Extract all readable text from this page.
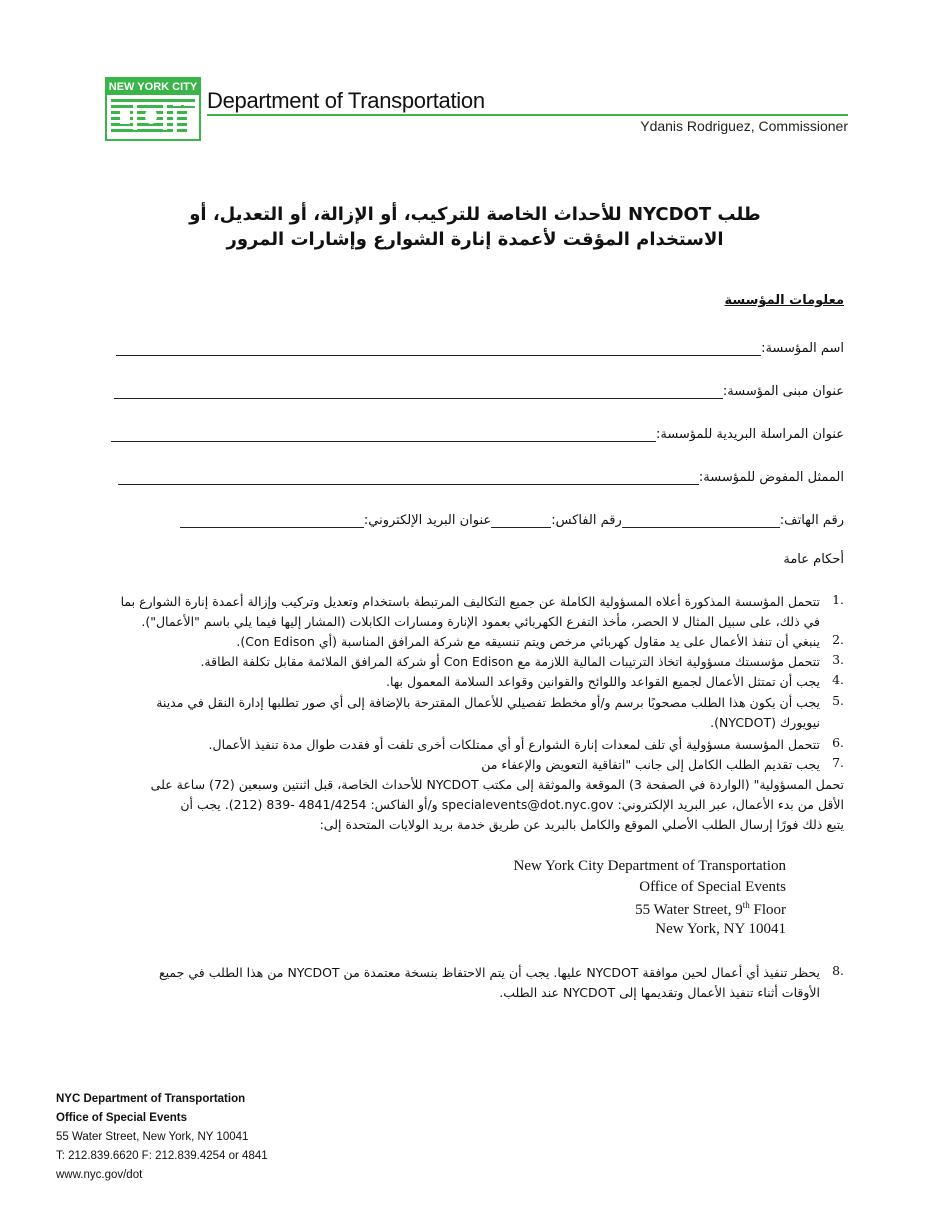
NEW YORK CITY
Department of Transportation
Ydanis Rodriguez, Commissioner
طلب NYCDOT للأحداث الخاصة للتركيب، أو الإزالة، أو التعديل، أو
الاستخدام المؤقت لأعمدة إنارة الشوارع وإشارات المرور
معلومات المؤسسة
اسم المؤسسة:
عنوان مبنى المؤسسة:
عنوان المراسلة البريدية للمؤسسة:
الممثل المفوض للمؤسسة:
رقم الهاتف:
رقم الفاكس:
عنوان البريد الإلكتروني:
أحكام عامة
1.
تتحمل المؤسسة المذكورة أعلاه المسؤولية الكاملة عن جميع التكاليف المرتبطة باستخدام وتعديل وتركيب وإزالة أعمدة إنارة الشوارع بما
في ذلك، على سبيل المثال لا الحصر، مأخذ التفرع الكهربائي بعمود الإنارة ومسارات الكابلات (المشار إليها فيما يلي باسم "الأعمال").
2.
ينبغي أن تنفذ الأعمال على يد مقاول كهربائي مرخص ويتم تنسيقه مع شركة المرافق المناسبة (أي Con Edison).
3.
تتحمل مؤسستك مسؤولية اتخاذ الترتيبات المالية اللازمة مع Con Edison أو شركة المرافق الملائمة مقابل تكلفة الطاقة.
4.
يجب أن تمتثل الأعمال لجميع القواعد واللوائح والقوانين وقواعد السلامة المعمول بها.
5.
يجب أن يكون هذا الطلب مصحوبًا برسم و/أو مخطط تفصيلي للأعمال المقترحة بالإضافة إلى أي صور تطلبها إدارة النقل في مدينة
نيويورك (NYCDOT).
6.
تتحمل المؤسسة مسؤولية أي تلف لمعدات إنارة الشوارع أو أي ممتلكات أخرى تلفت أو فقدت طوال مدة تنفيذ الأعمال.
7.
يجب تقديم الطلب الكامل إلى جانب "اتفاقية التعويض والإعفاء من
تحمل المسؤولية" (الواردة في الصفحة 3) الموقعة والموثقة إلى مكتب NYCDOT للأحداث الخاصة، قبل اثنتين وسبعين (72) ساعة على
الأقل من بدء الأعمال، عبر البريد الإلكتروني: specialevents@dot.nyc.gov و/أو الفاكس: 4841/4254 -839 (212). يجب أن
يتبع ذلك فورًا إرسال الطلب الأصلي الموقع والكامل بالبريد عن طريق خدمة بريد الولايات المتحدة إلى:
New York City Department of Transportation
Office of Special Events
55 Water Street, 9th Floor
New York, NY 10041
8.
يحظر تنفيذ أي أعمال لحين موافقة NYCDOT عليها. يجب أن يتم الاحتفاظ بنسخة معتمدة من NYCDOT من هذا الطلب في جميع
الأوقات أثناء تنفيذ الأعمال وتقديمها إلى NYCDOT عند الطلب.
NYC Department of Transportation
Office of Special Events
55 Water Street, New York, NY 10041
T: 212.839.6620 F: 212.839.4254 or 4841
www.nyc.gov/dot
